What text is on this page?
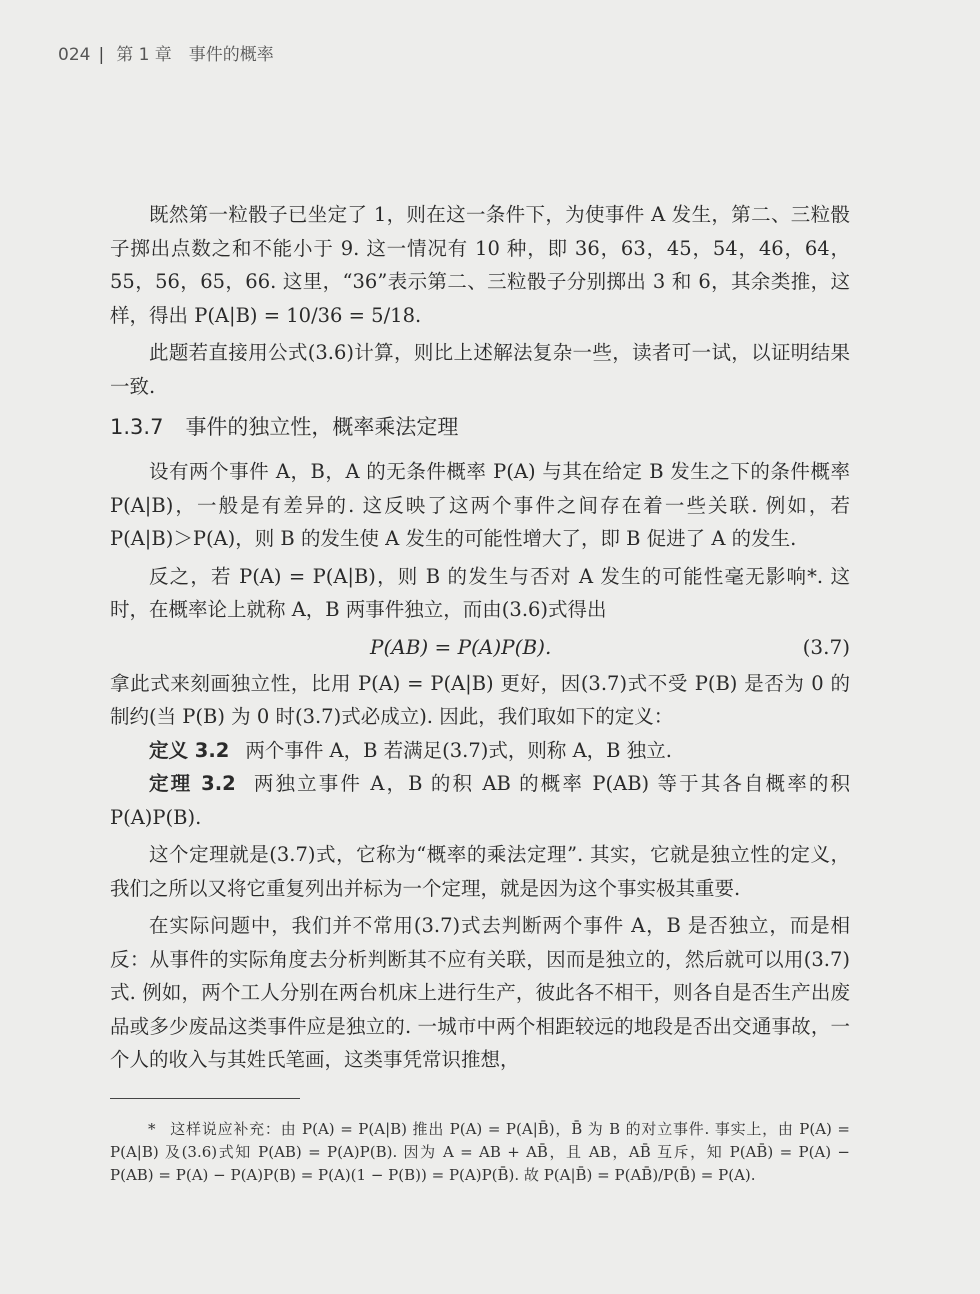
024 | 第 1 章　事件的概率

既然第一粒骰子已坐定了 1，则在这一条件下，为使事件 A 发生，第二、三粒骰子掷出点数之和不能小于 9. 这一情况有 10 种，即 36，63，45，54，46，64，55，56，65，66. 这里，“36”表示第二、三粒骰子分别掷出 3 和 6，其余类推，这样，得出 P(A|B) = 10/36 = 5/18.

此题若直接用公式(3.6)计算，则比上述解法复杂一些，读者可一试，以证明结果一致.

1.3.7 事件的独立性，概率乘法定理

设有两个事件 A，B，A 的无条件概率 P(A) 与其在给定 B 发生之下的条件概率 P(A|B)，一般是有差异的. 这反映了这两个事件之间存在着一些关联. 例如，若 P(A|B)＞P(A)，则 B 的发生使 A 发生的可能性增大了，即 B 促进了 A 的发生.

反之，若 P(A) = P(A|B)，则 B 的发生与否对 A 发生的可能性毫无影响*. 这时，在概率论上就称 A，B 两事件独立，而由(3.6)式得出

P(AB) = P(A)P(B).	(3.7)

拿此式来刻画独立性，比用 P(A) = P(A|B) 更好，因(3.7)式不受 P(B) 是否为 0 的制约(当 P(B) 为 0 时(3.7)式必成立). 因此，我们取如下的定义：

定义 3.2 两个事件 A，B 若满足(3.7)式，则称 A，B 独立.

定理 3.2 两独立事件 A，B 的积 AB 的概率 P(AB) 等于其各自概率的积 P(A)P(B).

这个定理就是(3.7)式，它称为“概率的乘法定理”. 其实，它就是独立性的定义，我们之所以又将它重复列出并标为一个定理，就是因为这个事实极其重要.

在实际问题中，我们并不常用(3.7)式去判断两个事件 A，B 是否独立，而是相反：从事件的实际角度去分析判断其不应有关联，因而是独立的，然后就可以用(3.7)式. 例如，两个工人分别在两台机床上进行生产，彼此各不相干，则各自是否生产出废品或多少废品这类事件应是独立的. 一城市中两个相距较远的地段是否出交通事故，一个人的收入与其姓氏笔画，这类事凭常识推想，

* 这样说应补充：由 P(A) = P(A|B) 推出 P(A) = P(A|B̄)，B̄ 为 B 的对立事件. 事实上，由 P(A) = P(A|B) 及(3.6)式知 P(AB) = P(A)P(B). 因为 A = AB + AB̄，且 AB，AB̄ 互斥，知 P(AB̄) = P(A) − P(AB) = P(A) − P(A)P(B) = P(A)(1 − P(B)) = P(A)P(B̄). 故 P(A|B̄) = P(AB̄)/P(B̄) = P(A).
